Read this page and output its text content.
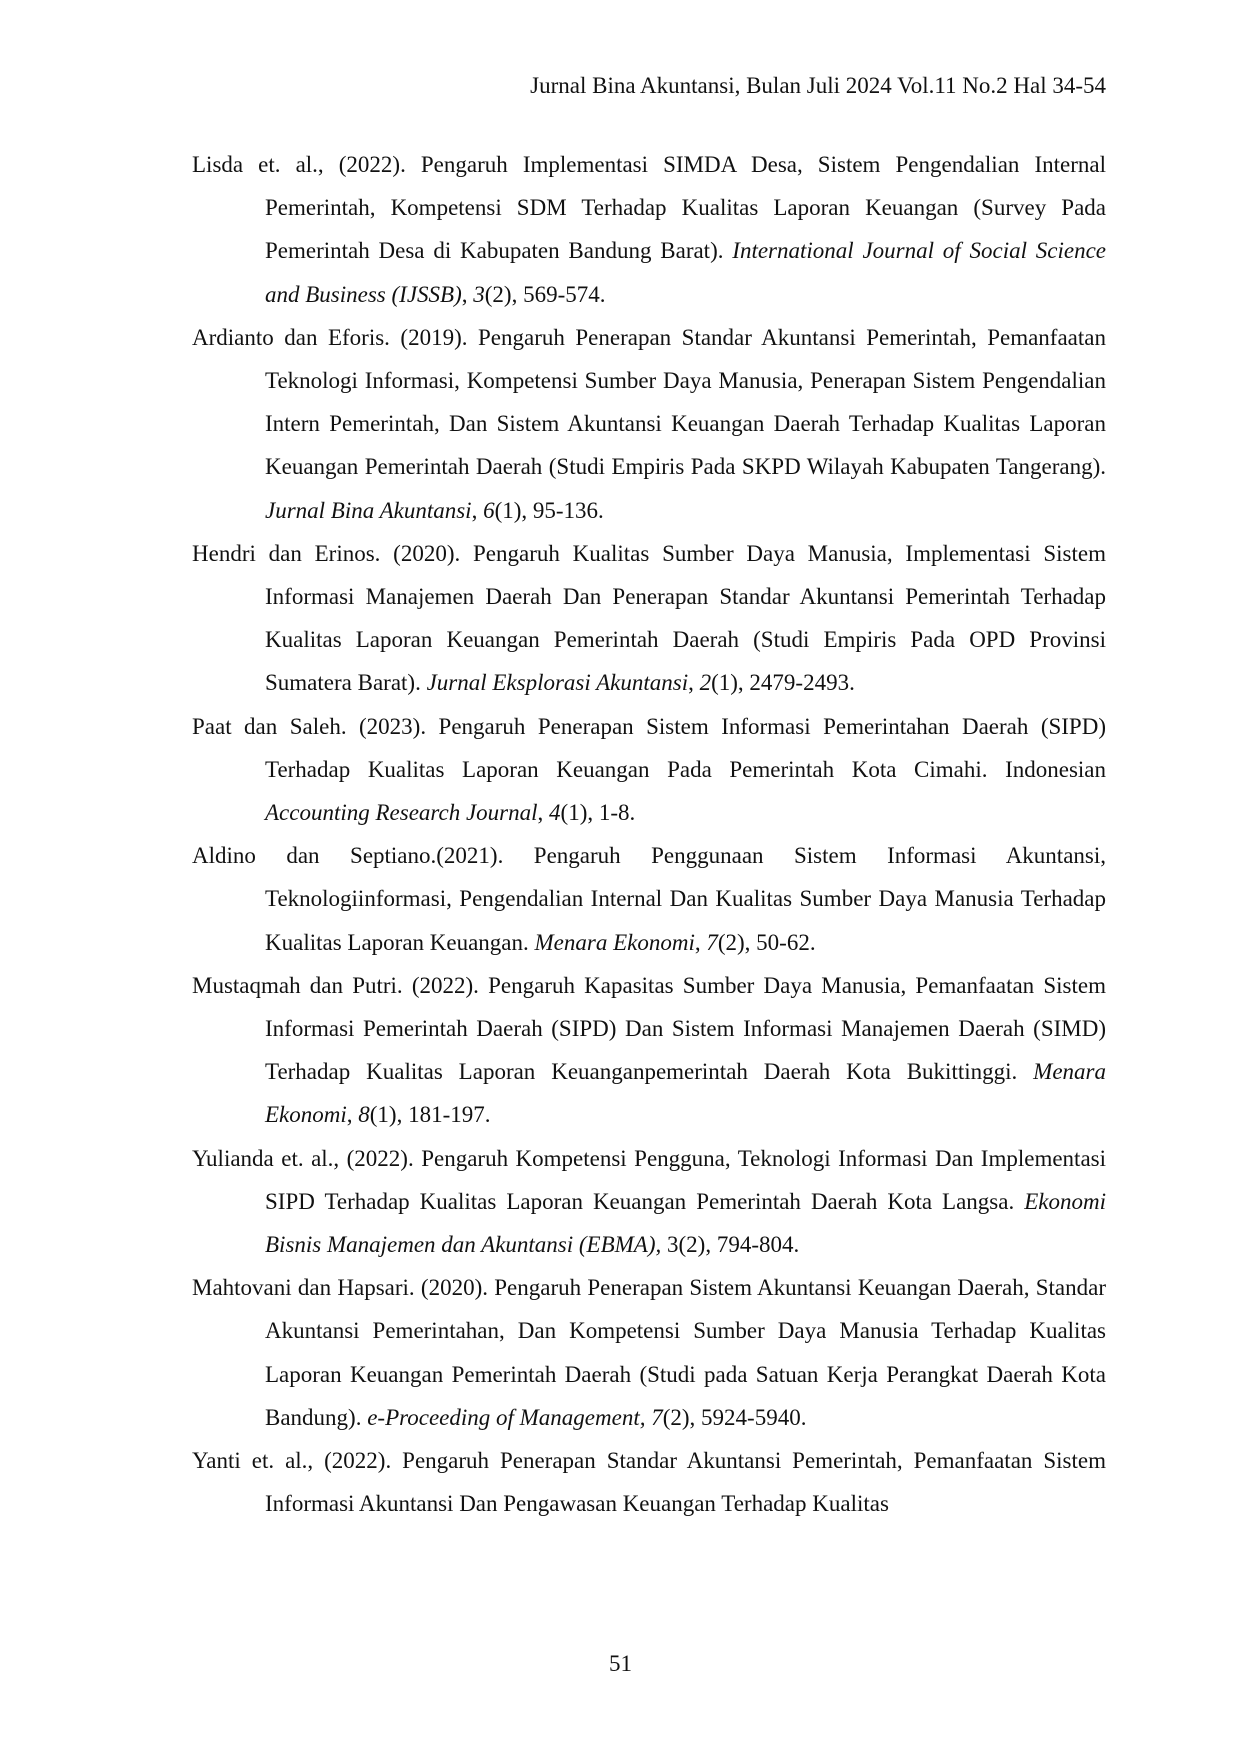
Jurnal Bina Akuntansi, Bulan Juli 2024 Vol.11 No.2 Hal 34-54
Lisda et. al., (2022). Pengaruh Implementasi SIMDA Desa, Sistem Pengendalian Internal Pemerintah, Kompetensi SDM Terhadap Kualitas Laporan Keuangan (Survey Pada Pemerintah Desa di Kabupaten Bandung Barat). International Journal of Social Science and Business (IJSSB), 3(2), 569-574.
Ardianto dan Eforis. (2019). Pengaruh Penerapan Standar Akuntansi Pemerintah, Pemanfaatan Teknologi Informasi, Kompetensi Sumber Daya Manusia, Penerapan Sistem Pengendalian Intern Pemerintah, Dan Sistem Akuntansi Keuangan Daerah Terhadap Kualitas Laporan Keuangan Pemerintah Daerah (Studi Empiris Pada SKPD Wilayah Kabupaten Tangerang). Jurnal Bina Akuntansi, 6(1), 95-136.
Hendri dan Erinos. (2020). Pengaruh Kualitas Sumber Daya Manusia, Implementasi Sistem Informasi Manajemen Daerah Dan Penerapan Standar Akuntansi Pemerintah Terhadap Kualitas Laporan Keuangan Pemerintah Daerah (Studi Empiris Pada OPD Provinsi Sumatera Barat). Jurnal Eksplorasi Akuntansi, 2(1), 2479-2493.
Paat dan Saleh. (2023). Pengaruh Penerapan Sistem Informasi Pemerintahan Daerah (SIPD) Terhadap Kualitas Laporan Keuangan Pada Pemerintah Kota Cimahi. Indonesian Accounting Research Journal, 4(1), 1-8.
Aldino dan Septiano.(2021). Pengaruh Penggunaan Sistem Informasi Akuntansi, Teknologiinformasi, Pengendalian Internal Dan Kualitas Sumber Daya Manusia Terhadap Kualitas Laporan Keuangan. Menara Ekonomi, 7(2), 50-62.
Mustaqmah dan Putri. (2022). Pengaruh Kapasitas Sumber Daya Manusia, Pemanfaatan Sistem Informasi Pemerintah Daerah (SIPD) Dan Sistem Informasi Manajemen Daerah (SIMD) Terhadap Kualitas Laporan Keuanganpemerintah Daerah Kota Bukittinggi. Menara Ekonomi, 8(1), 181-197.
Yulianda et. al., (2022). Pengaruh Kompetensi Pengguna, Teknologi Informasi Dan Implementasi SIPD Terhadap Kualitas Laporan Keuangan Pemerintah Daerah Kota Langsa. Ekonomi Bisnis Manajemen dan Akuntansi (EBMA), 3(2), 794-804.
Mahtovani dan Hapsari. (2020). Pengaruh Penerapan Sistem Akuntansi Keuangan Daerah, Standar Akuntansi Pemerintahan, Dan Kompetensi Sumber Daya Manusia Terhadap Kualitas Laporan Keuangan Pemerintah Daerah (Studi pada Satuan Kerja Perangkat Daerah Kota Bandung). e-Proceeding of Management, 7(2), 5924-5940.
Yanti et. al., (2022). Pengaruh Penerapan Standar Akuntansi Pemerintah, Pemanfaatan Sistem Informasi Akuntansi Dan Pengawasan Keuangan Terhadap Kualitas
51
